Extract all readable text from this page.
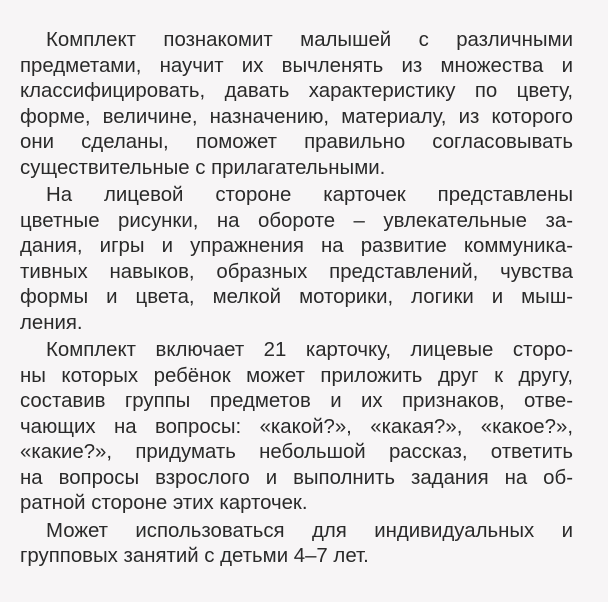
Комплект познакомит малышей с различными
предметами, научит их вычленять из множества и
классифицировать, давать характеристику по цвету,
форме, величине, назначению, материалу, из которого
они сделаны, поможет правильно согласовывать
существительные с прилагательными.
На лицевой стороне карточек представлены
цветные рисунки, на обороте – увлекательные за-
дания, игры и упражнения на развитие коммуника-
тивных навыков, образных представлений, чувства
формы и цвета, мелкой моторики, логики и мыш-
ления.
Комплект включает 21 карточку, лицевые сторо-
ны которых ребёнок может приложить друг к другу,
составив группы предметов и их признаков, отве-
чающих на вопросы: «какой?», «какая?», «какое?»,
«какие?», придумать небольшой рассказ, ответить
на вопросы взрослого и выполнить задания на об-
ратной стороне этих карточек.
Может использоваться для индивидуальных и
групповых занятий с детьми 4–7 лет.
